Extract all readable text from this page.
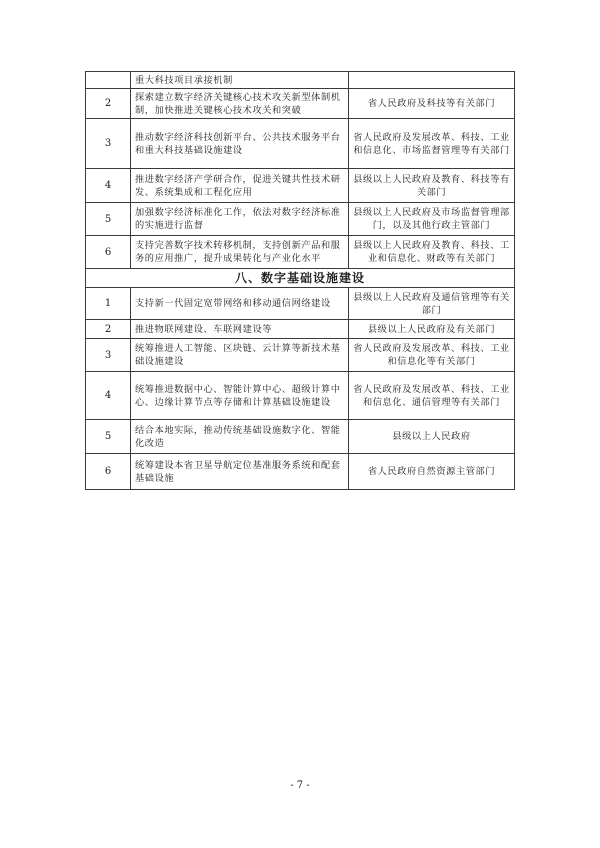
	重大科技项目承接机制	
2	探索建立数字经济关键核心技术攻关新型体制机制，加快推进关键核心技术攻关和突破	省人民政府及科技等有关部门
3	推动数字经济科技创新平台、公共技术服务平台和重大科技基础设施建设	省人民政府及发展改革、科技、工业和信息化、市场监督管理等有关部门
4	推进数字经济产学研合作，促进关键共性技术研发、系统集成和工程化应用	县级以上人民政府及教育、科技等有关部门
5	加强数字经济标准化工作，依法对数字经济标准的实施进行监督	县级以上人民政府及市场监督管理部门，以及其他行政主管部门
6	支持完善数字技术转移机制，支持创新产品和服务的应用推广，提升成果转化与产业化水平	县级以上人民政府及教育、科技、工业和信息化、财政等有关部门
八、数字基础设施建设		
1	支持新一代固定宽带网络和移动通信网络建设	县级以上人民政府及通信管理等有关部门
2	推进物联网建设、车联网建设等	县级以上人民政府及有关部门
3	统筹推进人工智能、区块链、云计算等新技术基础设施建设	省人民政府及发展改革、科技、工业和信息化等有关部门
4	统筹推进数据中心、智能计算中心、超级计算中心、边缘计算节点等存储和计算基础设施建设	省人民政府及发展改革、科技、工业和信息化、通信管理等有关部门
5	结合本地实际，推动传统基础设施数字化、智能化改造	县级以上人民政府
6	统筹建设本省卫星导航定位基准服务系统和配套基础设施	省人民政府自然资源主管部门
- 7 -
